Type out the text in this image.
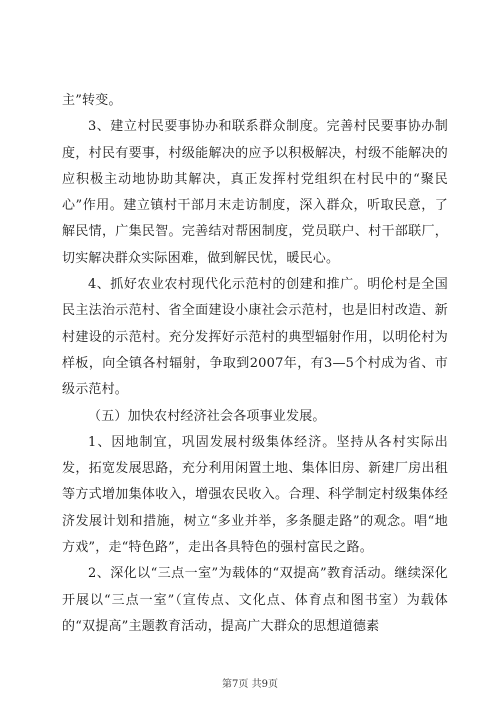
主”转变。

3、建立村民要事协办和联系群众制度。完善村民要事协办制度，村民有要事，村级能解决的应予以积极解决，村级不能解决的应积极主动地协助其解决，真正发挥村党组织在村民中的“聚民心”作用。建立镇村干部月末走访制度，深入群众，听取民意，了解民情，广集民智。完善结对帮困制度，党员联户、村干部联厂，切实解决群众实际困难，做到解民忧，暖民心。

4、抓好农业农村现代化示范村的创建和推广。明伦村是全国民主法治示范村、省全面建设小康社会示范村，也是旧村改造、新村建设的示范村。充分发挥好示范村的典型辐射作用，以明伦村为样板，向全镇各村辐射，争取到2007年，有3—5个村成为省、市级示范村。

（五）加快农村经济社会各项事业发展。

1、因地制宜，巩固发展村级集体经济。坚持从各村实际出发，拓宽发展思路，充分利用闲置土地、集体旧房、新建厂房出租等方式增加集体收入，增强农民收入。合理、科学制定村级集体经济发展计划和措施，树立“多业并举，多条腿走路”的观念。唱“地方戏”，走“特色路”，走出各具特色的强村富民之路。

2、深化以“三点一室”为载体的“双提高”教育活动。继续深化开展以“三点一室”（宣传点、文化点、体育点和图书室）为载体的“双提高”主题教育活动，提高广大群众的思想道德素

第7页 共9页
